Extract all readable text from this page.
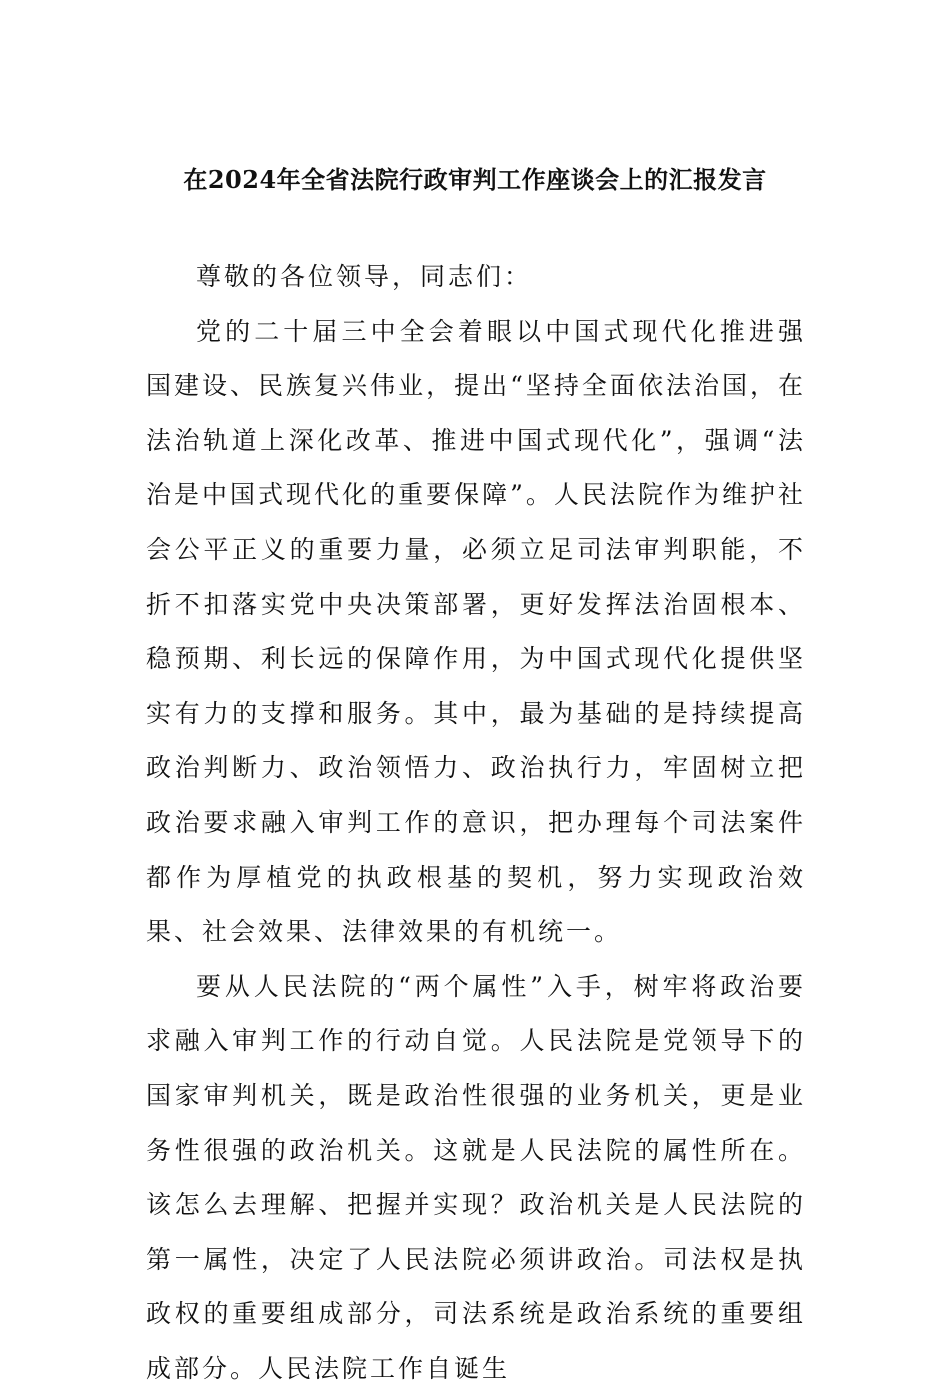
在2024年全省法院行政审判工作座谈会上的汇报发言

尊敬的各位领导，同志们：

党的二十届三中全会着眼以中国式现代化推进强国建设、民族复兴伟业，提出“坚持全面依法治国，在法治轨道上深化改革、推进中国式现代化”，强调“法治是中国式现代化的重要保障”。人民法院作为维护社会公平正义的重要力量，必须立足司法审判职能，不折不扣落实党中央决策部署，更好发挥法治固根本、稳预期、利长远的保障作用，为中国式现代化提供坚实有力的支撑和服务。其中，最为基础的是持续提高政治判断力、政治领悟力、政治执行力，牢固树立把政治要求融入审判工作的意识，把办理每个司法案件都作为厚植党的执政根基的契机，努力实现政治效果、社会效果、法律效果的有机统一。

要从人民法院的“两个属性”入手，树牢将政治要求融入审判工作的行动自觉。人民法院是党领导下的国家审判机关，既是政治性很强的业务机关，更是业务性很强的政治机关。这就是人民法院的属性所在。该怎么去理解、把握并实现？政治机关是人民法院的第一属性，决定了人民法院必须讲政治。司法权是执政权的重要组成部分，司法系统是政治系统的重要组成部分。人民法院工作自诞生
